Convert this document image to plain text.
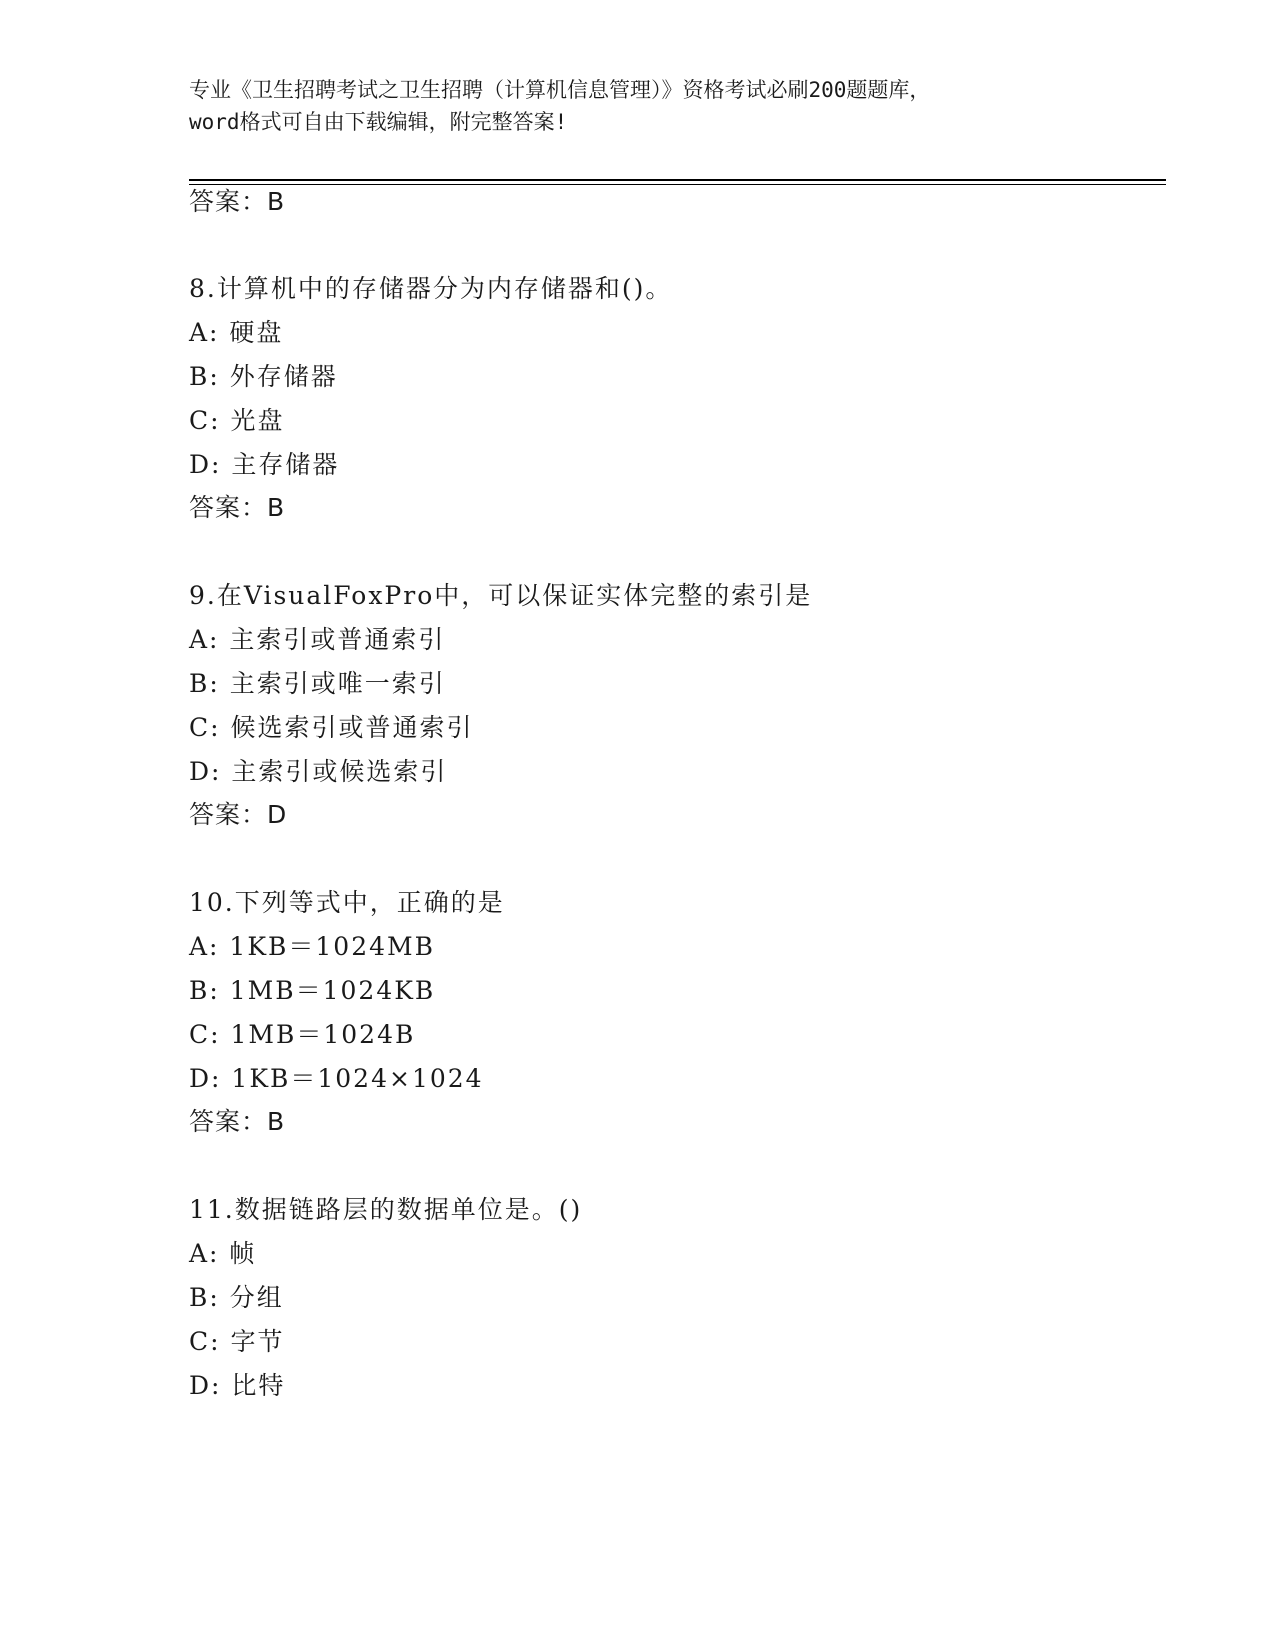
专业《卫生招聘考试之卫生招聘（计算机信息管理）》资格考试必刷200题题库，
word格式可自由下载编辑，附完整答案!
答案：B
8.计算机中的存储器分为内存储器和()。
A: 硬盘
B: 外存储器
C: 光盘
D: 主存储器
答案：B
9.在VisualFoxPro中，可以保证实体完整的索引是
A: 主索引或普通索引
B: 主索引或唯一索引
C: 候选索引或普通索引
D: 主索引或候选索引
答案：D
10.下列等式中，正确的是
A: 1KB＝1024MB
B: 1MB＝1024KB
C: 1MB＝1024B
D: 1KB＝1024×1024
答案：B
11.数据链路层的数据单位是。()
A: 帧
B: 分组
C: 字节
D: 比特
